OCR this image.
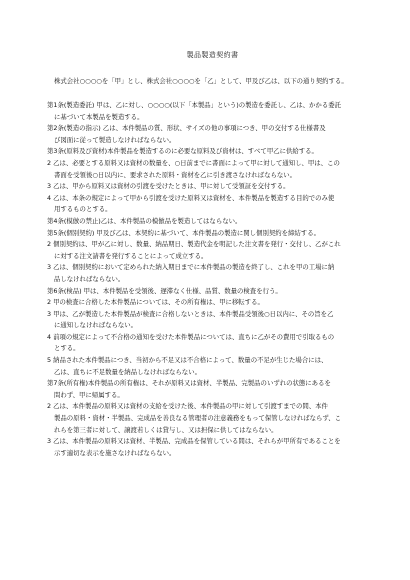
製品製造契約書
株式会社○○○○を「甲」とし、株式会社○○○○を「乙」として、甲及び乙は、以下の通り契約する。
第1条(製造委託) 甲は、乙に対し、○○○○(以下「本製品」という)の製造を委託し、乙は、かかる委託
に基づいて本製品を製造する。
第2条(製造の指示) 乙は、本件製品の質、形状、サイズの他の事項につき、甲の交付する仕様書及
び図面に従って製造しなければならない。
第3条(原料及び資材)本件製品を製造するのに必要な原料及び資材は、すべて甲乙に供給する。
2 乙は、必要とする原料又は資材の数量を、○日前までに書面によって甲に対して通知し、甲は、この
書面を受領後○日以内に、要求された原料・資材を乙に引き渡さなければならない。
3 乙は、甲から原料又は資材の引渡を受けたときは、甲に対して受領証を交付する。
4 乙は、本条の規定によって甲から引渡を受けた原料又は資材を、本件製品を製造する目的でのみ使
用するものとする。
第4条(模倣の禁止)乙は、本件製品の模倣品を製造してはならない。
第5条(個別契約) 甲及び乙は、本契約に基づいて、本件製品の製造に関し個別契約を締結する。
2 個別契約は、甲が乙に対し、数量、納品期日、製造代金を明記した注文書を発行・交付し、乙がこれ
に対する注文請書を発行することによって成立する。
3 乙は、個別契約において定められた納入期日までに本件製品の製造を終了し、これを甲の工場に納
品しなければならない。
第6条(検品) 甲は、本件製品を受領後、遅滞なく仕様、品質、数量の検査を行う。
2 甲の検査に合格した本件製品については、その所有権は、甲に移転する。
3 甲は、乙が製造した本件製品が検査に合格しないときは、本件製品受領後○日以内に、その旨を乙
に通知しなければならない。
4 前項の規定によって不合格の通知を受けた本件製品については、直ちに乙がその費用で引取るもの
とする。
5 納品された本件製品につき、当初から不足又は不合格によって、数量の不足が生じた場合には、
乙は、直ちに不足数量を納品しなければならない。
第7条(所有権)本件製品の所有権は、それが原料又は資材、半製品、完製品のいずれの状態にあるを
問わず、甲に帰属する。
2 乙は、本件製品の原料又は資材の支給を受けた後、本件製品の甲に対して引渡すまでの間、本件
製品の原料・資材・半製品、完成品を善良なる管理者の注意義務をもって保管しなければならず、こ
れらを第三者に対して、譲渡若しくは貸与し、又は担保に供してはならない。
3 乙は、本件製品の原料又は資材、半製品、完成品を保管している間は、それらが甲所有であることを
示す適切な表示を施さなければならない。
